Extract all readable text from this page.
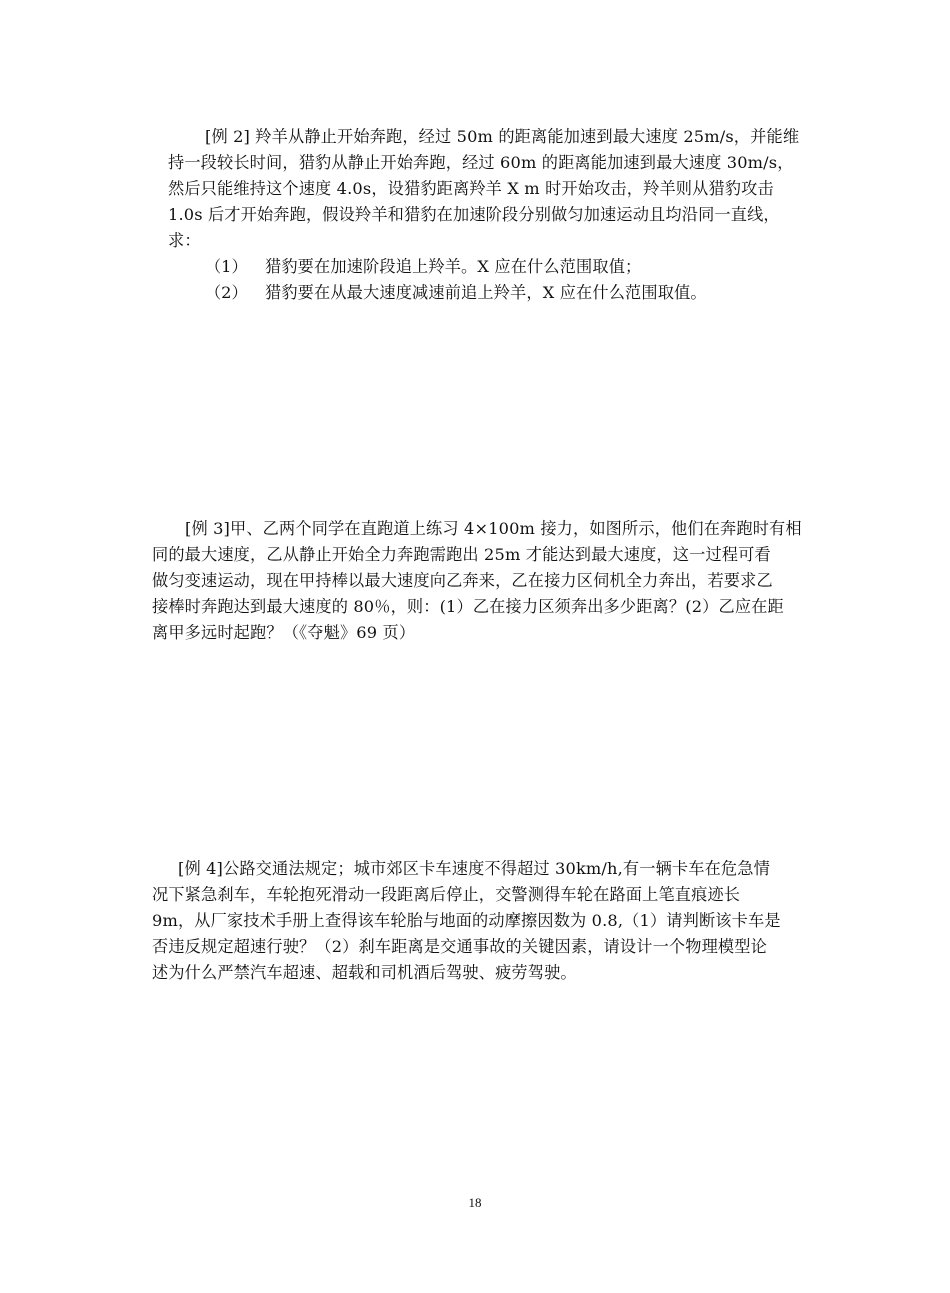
[例 2] 羚羊从静止开始奔跑，经过 50m 的距离能加速到最大速度 25m/s，并能维
持一段较长时间，猎豹从静止开始奔跑，经过 60m 的距离能加速到最大速度 30m/s，
然后只能维持这个速度 4.0s，设猎豹距离羚羊 X m 时开始攻击，羚羊则从猎豹攻击
1.0s 后才开始奔跑，假设羚羊和猎豹在加速阶段分别做匀加速运动且均沿同一直线，
求：
（1） 猎豹要在加速阶段追上羚羊。X 应在什么范围取值；
（2） 猎豹要在从最大速度减速前追上羚羊，X 应在什么范围取值。
[例 3]甲、乙两个同学在直跑道上练习 4×100m 接力，如图所示，他们在奔跑时有相
同的最大速度，乙从静止开始全力奔跑需跑出 25m 才能达到最大速度，这一过程可看
做匀变速运动，现在甲持棒以最大速度向乙奔来，乙在接力区伺机全力奔出，若要求乙
接棒时奔跑达到最大速度的 80％，则：(1）乙在接力区须奔出多少距离？(2）乙应在距
离甲多远时起跑？（《夺魁》69 页）
[例 4]公路交通法规定；城市郊区卡车速度不得超过 30km/h,有一辆卡车在危急情
况下紧急刹车，车轮抱死滑动一段距离后停止，交警测得车轮在路面上笔直痕迹长
9m，从厂家技术手册上查得该车轮胎与地面的动摩擦因数为 0.8,（1）请判断该卡车是
否违反规定超速行驶？（2）刹车距离是交通事故的关键因素，请设计一个物理模型论
述为什么严禁汽车超速、超载和司机酒后驾驶、疲劳驾驶。
18
